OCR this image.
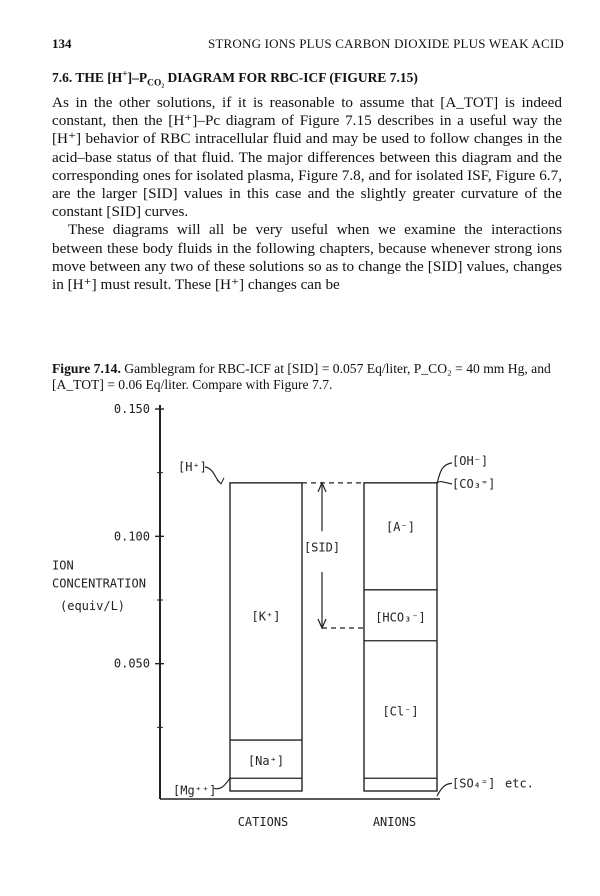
134	STRONG IONS PLUS CARBON DIOXIDE PLUS WEAK ACID
7.6. THE $[H^+]-P_{CO_2}$ DIAGRAM FOR RBC-ICF (FIGURE 7.15)

As in the other solutions, if it is reasonable to assume that [A_TOT] is indeed constant, then the [H⁺]–Pc diagram of Figure 7.15 describes in a useful way the [H⁺] behavior of RBC intracellular fluid and may be used to follow changes in the acid–base status of that fluid. The major differences between this diagram and the corresponding ones for isolated plasma, Figure 7.8, and for isolated ISF, Figure 6.7, are the larger [SID] values in this case and the slightly greater curvature of the constant [SID] curves.

These diagrams will all be very useful when we examine the interactions between these body fluids in the following chapters, because whenever strong ions move between any two of these solutions so as to change the [SID] values, changes in [H⁺] must result. These [H⁺] changes can be

Figure 7.14. Gamblegram for RBC-ICF at [SID] = 0.057 Eq/liter, P_CO₂ = 40 mm Hg, and [A_TOT] = 0.06 Eq/liter. Compare with Figure 7.7.
0.150
0.100
0.050
ION
CONCENTRATION
(equiv/L)
[Na⁺]
[K⁺]
[Cl⁻]
[HCO₃⁻]
[A⁻]
[H⁺]	[OH⁻]
[CO₃⁼]
[Mg⁺⁺]
[SO₄⁼] etc.
[SID]
CATIONS	ANIONS
